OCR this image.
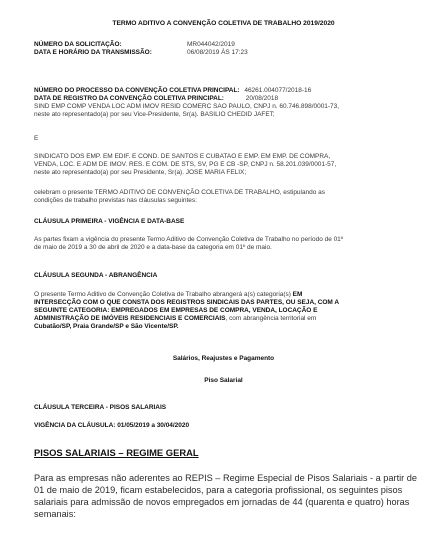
TERMO ADITIVO A CONVENÇÃO COLETIVA DE TRABALHO 2019/2020
NÚMERO DA SOLICITAÇÃO:	MR044042/2019
DATA E HORÁRIO DA TRANSMISSÃO:	06/08/2019 ÀS 17:23
NÚMERO DO PROCESSO DA CONVENÇÃO COLETIVA PRINCIPAL: 46261.004077/2018-16
DATA DE REGISTRO DA CONVENÇÃO COLETIVA PRINCIPAL:	20/08/2018
SIND EMP COMP VENDA LOC ADM IMOV RESID COMERC SAO PAULO, CNPJ n. 60.746.898/0001-73,
neste ato representado(a) por seu Vice-Presidente, Sr(a). BASILIO CHEDID JAFET;
E
SINDICATO DOS EMP. EM EDIF. E COND. DE SANTOS E CUBATAO E EMP. EM EMP. DE COMPRA,
VENDA, LOC. E ADM DE IMOV. RES. E COM. DE STS, SV, PG E CB -SP, CNPJ n. 58.201.039/0001-57,
neste ato representado(a) por seu Presidente, Sr(a). JOSE MARIA FELIX;
celebram o presente TERMO ADITIVO DE CONVENÇÃO COLETIVA DE TRABALHO, estipulando as
condições de trabalho previstas nas cláusulas seguintes:
CLÁUSULA PRIMEIRA - VIGÊNCIA E DATA-BASE
As partes fixam a vigência do presente Termo Aditivo de Convenção Coletiva de Trabalho no período de 01º
de maio de 2019 a 30 de abril de 2020 e a data-base da categoria em 01º de maio.
CLÁUSULA SEGUNDA - ABRANGÊNCIA
O presente Termo Aditivo de Convenção Coletiva de Trabalho abrangerá a(s) categoria(s) EM
INTERSECÇÃO COM O QUE CONSTA DOS REGISTROS SINDICAIS DAS PARTES, OU SEJA, COM A
SEGUINTE CATEGORIA: EMPREGADOS EM EMPRESAS DE COMPRA, VENDA, LOCAÇÃO E
ADMINISTRAÇÃO DE IMÓVEIS RESIDENCIAIS E COMERCIAIS, com abrangência territorial em
Cubatão/SP, Praia Grande/SP e São Vicente/SP.
Salários, Reajustes e Pagamento
Piso Salarial
CLÁUSULA TERCEIRA - PISOS SALARIAIS
VIGÊNCIA DA CLÁUSULA: 01/05/2019 a 30/04/2020
PISOS SALARIAIS – REGIME GERAL
Para as empresas não aderentes ao REPIS – Regime Especial de Pisos Salariais - a partir de
01 de maio de 2019, ficam estabelecidos, para a categoria profissional, os seguintes pisos
salariais para admissão de novos empregados em jornadas de 44 (quarenta e quatro) horas
semanais:
